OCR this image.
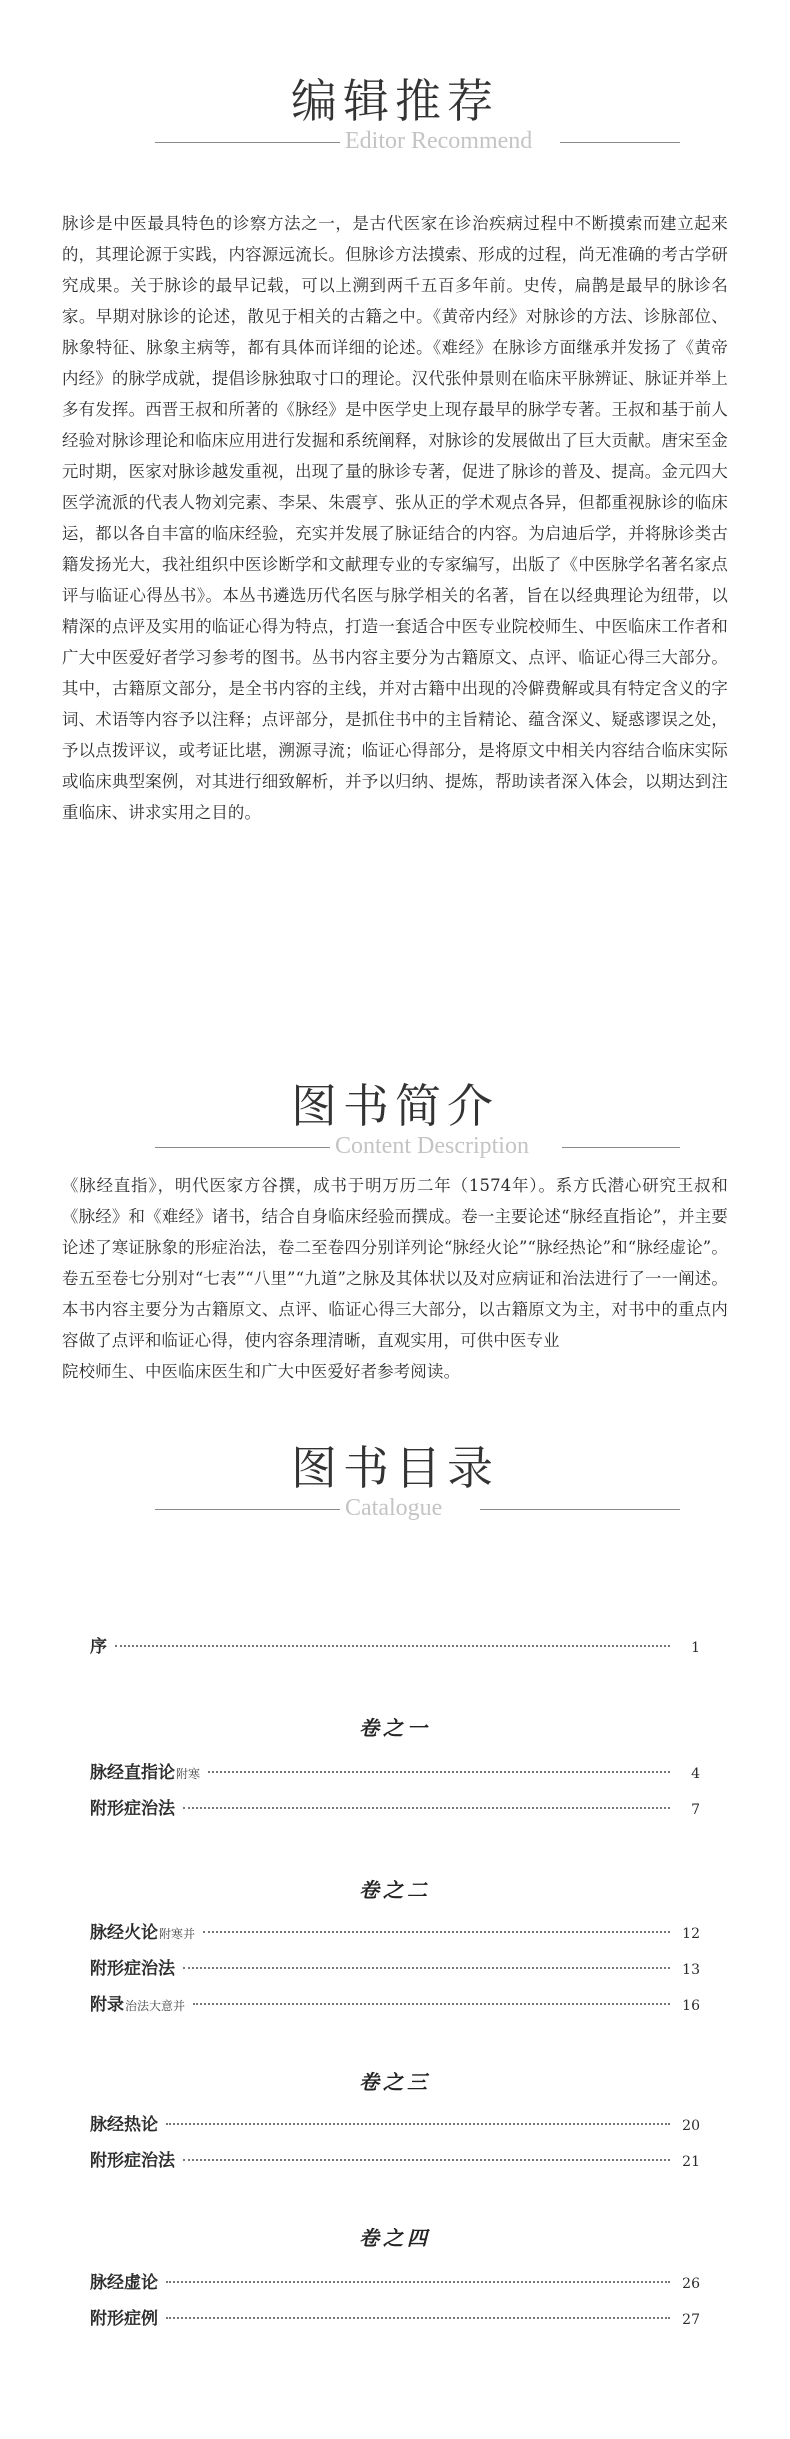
编辑推荐
Editor Recommend

脉诊是中医最具特色的诊察方法之一，是古代医家在诊治疾病过程中不断摸索而建立起来的，其理论源于实践，内容源远流长。但脉诊方法摸索、形成的过程，尚无准确的考古学研究成果。关于脉诊的最早记载，可以上溯到两千五百多年前。史传，扁鹊是最早的脉诊名家。早期对脉诊的论述，散见于相关的古籍之中。《黄帝内经》对脉诊的方法、诊脉部位、脉象特征、脉象主病等，都有具体而详细的论述。《难经》在脉诊方面继承并发扬了《黄帝内经》的脉学成就，提倡诊脉独取寸口的理论。汉代张仲景则在临床平脉辨证、脉证并举上多有发挥。西晋王叔和所著的《脉经》是中医学史上现存最早的脉学专著。王叔和基于前人经验对脉诊理论和临床应用进行发掘和系统阐释，对脉诊的发展做出了巨大贡献。唐宋至金元时期，医家对脉诊越发重视，出现了量的脉诊专著，促进了脉诊的普及、提高。金元四大医学流派的代表人物刘完素、李杲、朱震亨、张从正的学术观点各异，但都重视脉诊的临床运，都以各自丰富的临床经验，充实并发展了脉证结合的内容。为启迪后学，并将脉诊类古籍发扬光大，我社组织中医诊断学和文献理专业的专家编写，出版了《中医脉学名著名家点评与临证心得丛书》。本丛书遴选历代名医与脉学相关的名著，旨在以经典理论为纽带，以精深的点评及实用的临证心得为特点，打造一套适合中医专业院校师生、中医临床工作者和广大中医爱好者学习参考的图书。丛书内容主要分为古籍原文、点评、临证心得三大部分。其中，古籍原文部分，是全书内容的主线，并对古籍中出现的冷僻费解或具有特定含义的字词、术语等内容予以注释；点评部分，是抓住书中的主旨精论、蕴含深义、疑惑谬误之处，予以点拨评议，或考证比堪，溯源寻流；临证心得部分，是将原文中相关内容结合临床实际或临床典型案例，对其进行细致解析，并予以归纳、提炼，帮助读者深入体会，以期达到注重临床、讲求实用之目的。

图书简介
Content Description

《脉经直指》，明代医家方谷撰，成书于明万历二年（1574年）。系方氏潜心研究王叔和《脉经》和《难经》诸书，结合自身临床经验而撰成。卷一主要论述“脉经直指论”，并主要论述了寒证脉象的形症治法，卷二至卷四分别详列论“脉经火论”“脉经热论”和“脉经虚论”。卷五至卷七分别对“七表”“八里”“九道”之脉及其体状以及对应病证和治法进行了一一阐述。本书内容主要分为古籍原文、点评、临证心得三大部分，以古籍原文为主，对书中的重点内容做了点评和临证心得，使内容条理清晰，直观实用，可供中医专业

院校师生、中医临床医生和广大中医爱好者参考阅读。

图书目录
Catalogue
序	1
卷之一
脉经直指论 附寒	4
附形症治法	7
卷之二
脉经火论 附寒并	12
附形症治法	13
附录 治法大意并	16
卷之三
脉经热论	20
附形症治法	21
卷之四
脉经虚论	26
附形症例	27
